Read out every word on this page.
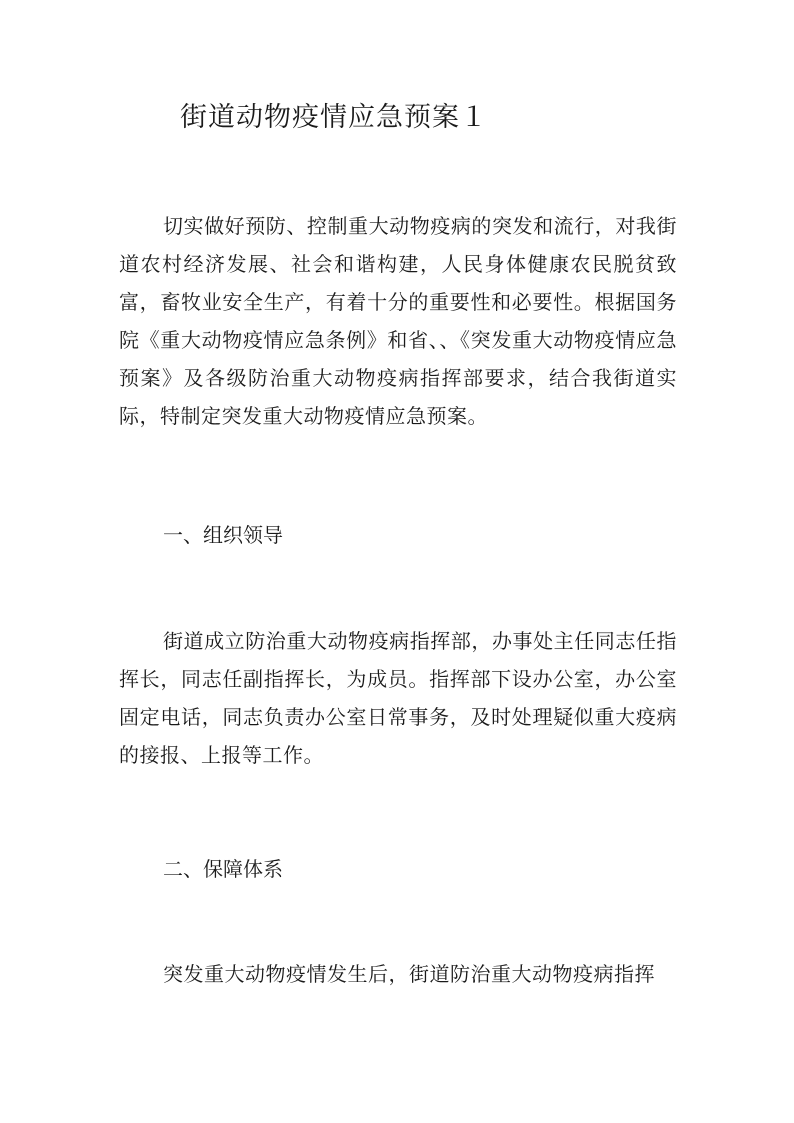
街道动物疫情应急预案１

切实做好预防、控制重大动物疫病的突发和流行，对我街道农村经济发展、社会和谐构建，人民身体健康农民脱贫致富，畜牧业安全生产，有着十分的重要性和必要性。根据国务院《重大动物疫情应急条例》和省、、《突发重大动物疫情应急预案》及各级防治重大动物疫病指挥部要求，结合我街道实际，特制定突发重大动物疫情应急预案。

一、组织领导

街道成立防治重大动物疫病指挥部，办事处主任同志任指挥长，同志任副指挥长，为成员。指挥部下设办公室，办公室固定电话，同志负责办公室日常事务，及时处理疑似重大疫病的接报、上报等工作。

二、保障体系

突发重大动物疫情发生后，街道防治重大动物疫病指挥
